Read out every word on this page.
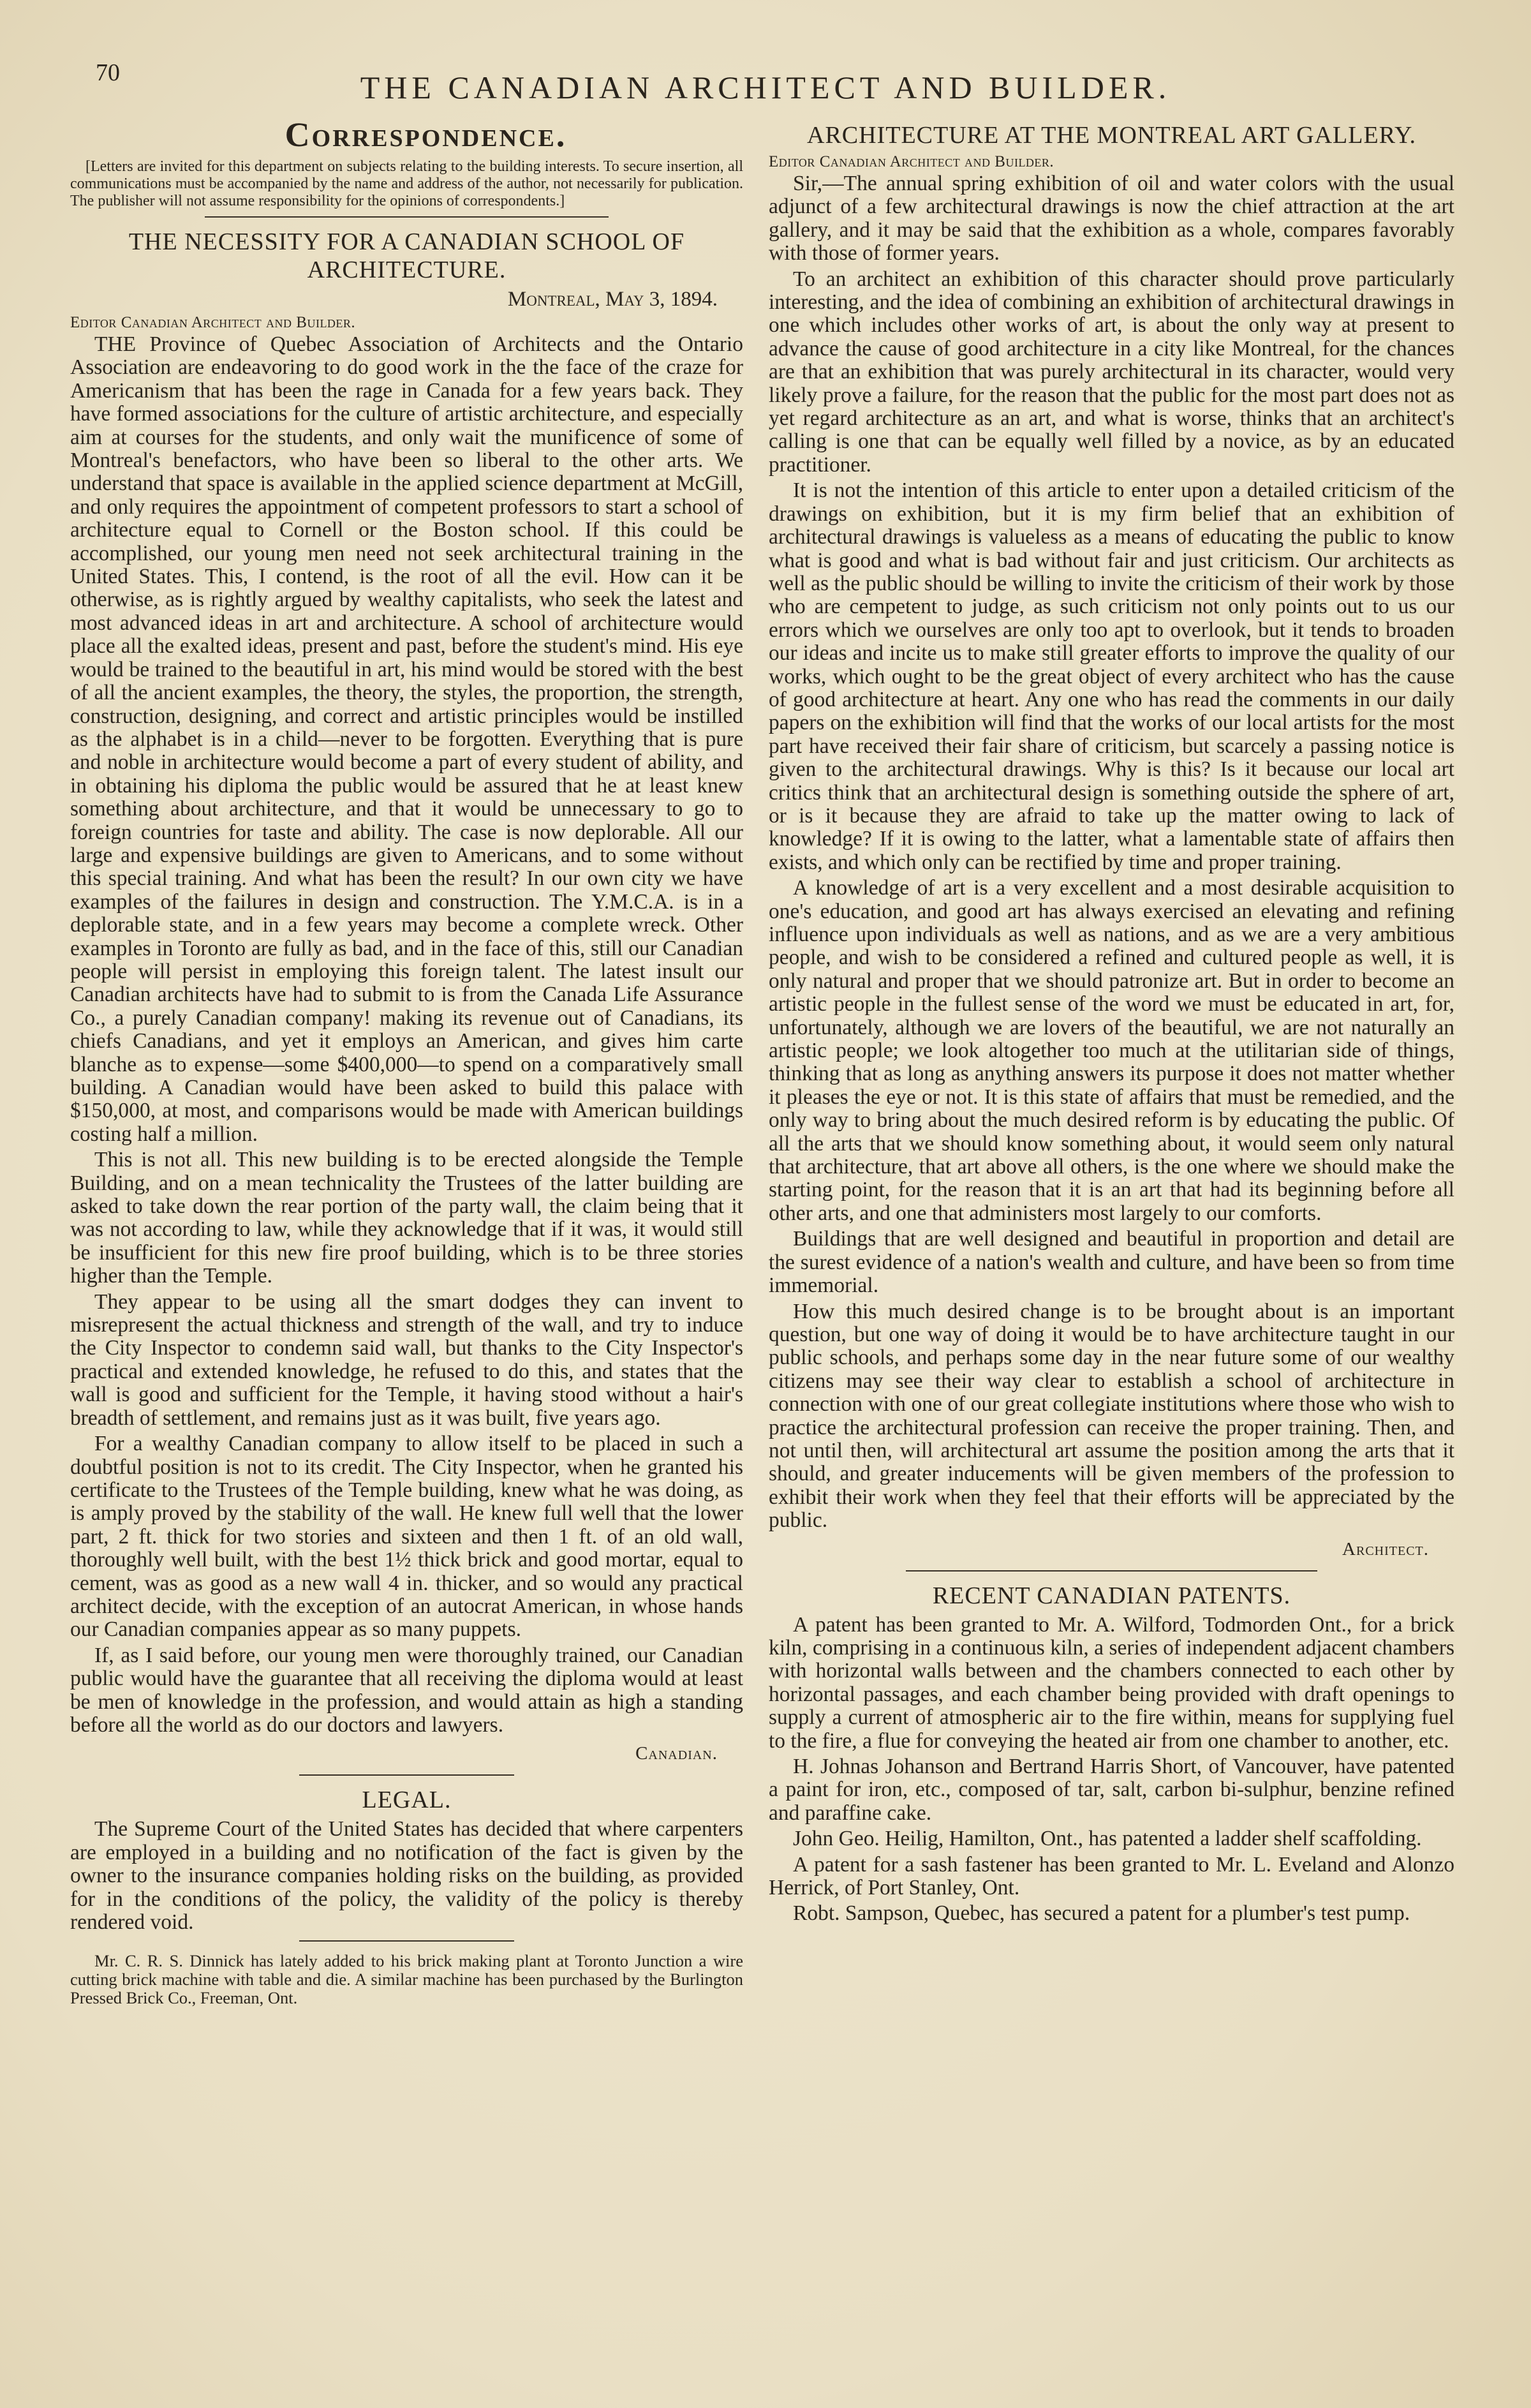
70	THE CANADIAN ARCHITECT AND BUILDER.
Correspondence.

[Letters are invited for this department on subjects relating to the building interests. To secure insertion, all communications must be accompanied by the name and address of the author, not necessarily for publication. The publisher will not assume responsibility for the opinions of correspondents.]

THE NECESSITY FOR A CANADIAN SCHOOL OF ARCHITECTURE.
Montreal, May 3, 1894.
Editor Canadian Architect and Builder.

THE Province of Quebec Association of Architects and the Ontario Association are endeavoring to do good work in the the face of the craze for Americanism that has been the rage in Canada for a few years back. They have formed associations for the culture of artistic architecture, and especially aim at courses for the students, and only wait the munificence of some of Montreal's benefactors, who have been so liberal to the other arts. We understand that space is available in the applied science department at McGill, and only requires the appointment of competent professors to start a school of architecture equal to Cornell or the Boston school. If this could be accomplished, our young men need not seek architectural training in the United States. This, I contend, is the root of all the evil. How can it be otherwise, as is rightly argued by wealthy capitalists, who seek the latest and most advanced ideas in art and architecture. A school of architecture would place all the exalted ideas, present and past, before the student's mind. His eye would be trained to the beautiful in art, his mind would be stored with the best of all the ancient examples, the theory, the styles, the proportion, the strength, construction, designing, and correct and artistic principles would be instilled as the alphabet is in a child—never to be forgotten. Everything that is pure and noble in architecture would become a part of every student of ability, and in obtaining his diploma the public would be assured that he at least knew something about architecture, and that it would be unnecessary to go to foreign countries for taste and ability. The case is now deplorable. All our large and expensive buildings are given to Americans, and to some without this special training. And what has been the result? In our own city we have examples of the failures in design and construction. The Y.M.C.A. is in a deplorable state, and in a few years may become a complete wreck. Other examples in Toronto are fully as bad, and in the face of this, still our Canadian people will persist in employing this foreign talent. The latest insult our Canadian architects have had to submit to is from the Canada Life Assurance Co., a purely Canadian company! making its revenue out of Canadians, its chiefs Canadians, and yet it employs an American, and gives him carte blanche as to expense—some $400,000—to spend on a comparatively small building. A Canadian would have been asked to build this palace with $150,000, at most, and comparisons would be made with American buildings costing half a million.

This is not all. This new building is to be erected alongside the Temple Building, and on a mean technicality the Trustees of the latter building are asked to take down the rear portion of the party wall, the claim being that it was not according to law, while they acknowledge that if it was, it would still be insufficient for this new fire proof building, which is to be three stories higher than the Temple.

They appear to be using all the smart dodges they can invent to misrepresent the actual thickness and strength of the wall, and try to induce the City Inspector to condemn said wall, but thanks to the City Inspector's practical and extended knowledge, he refused to do this, and states that the wall is good and sufficient for the Temple, it having stood without a hair's breadth of settlement, and remains just as it was built, five years ago.

For a wealthy Canadian company to allow itself to be placed in such a doubtful position is not to its credit. The City Inspector, when he granted his certificate to the Trustees of the Temple building, knew what he was doing, as is amply proved by the stability of the wall. He knew full well that the lower part, 2 ft. thick for two stories and sixteen and then 1 ft. of an old wall, thoroughly well built, with the best 1½ thick brick and good mortar, equal to cement, was as good as a new wall 4 in. thicker, and so would any practical architect decide, with the exception of an autocrat American, in whose hands our Canadian companies appear as so many puppets.

If, as I said before, our young men were thoroughly trained, our Canadian public would have the guarantee that all receiving the diploma would at least be men of knowledge in the profession, and would attain as high a standing before all the world as do our doctors and lawyers.

Canadian.
LEGAL.

The Supreme Court of the United States has decided that where carpenters are employed in a building and no notification of the fact is given by the owner to the insurance companies holding risks on the building, as provided for in the conditions of the policy, the validity of the policy is thereby rendered void.

Mr. C. R. S. Dinnick has lately added to his brick making plant at Toronto Junction a wire cutting brick machine with table and die. A similar machine has been purchased by the Burlington Pressed Brick Co., Freeman, Ont.

ARCHITECTURE AT THE MONTREAL ART GALLERY.
Editor Canadian Architect and Builder.

Sir,—The annual spring exhibition of oil and water colors with the usual adjunct of a few architectural drawings is now the chief attraction at the art gallery, and it may be said that the exhibition as a whole, compares favorably with those of former years.

To an architect an exhibition of this character should prove particularly interesting, and the idea of combining an exhibition of architectural drawings in one which includes other works of art, is about the only way at present to advance the cause of good architecture in a city like Montreal, for the chances are that an exhibition that was purely architectural in its character, would very likely prove a failure, for the reason that the public for the most part does not as yet regard architecture as an art, and what is worse, thinks that an architect's calling is one that can be equally well filled by a novice, as by an educated practitioner.

It is not the intention of this article to enter upon a detailed criticism of the drawings on exhibition, but it is my firm belief that an exhibition of architectural drawings is valueless as a means of educating the public to know what is good and what is bad without fair and just criticism. Our architects as well as the public should be willing to invite the criticism of their work by those who are cempetent to judge, as such criticism not only points out to us our errors which we ourselves are only too apt to overlook, but it tends to broaden our ideas and incite us to make still greater efforts to improve the quality of our works, which ought to be the great object of every architect who has the cause of good architecture at heart. Any one who has read the comments in our daily papers on the exhibition will find that the works of our local artists for the most part have received their fair share of criticism, but scarcely a passing notice is given to the architectural drawings. Why is this? Is it because our local art critics think that an architectural design is something outside the sphere of art, or is it because they are afraid to take up the matter owing to lack of knowledge? If it is owing to the latter, what a lamentable state of affairs then exists, and which only can be rectified by time and proper training.

A knowledge of art is a very excellent and a most desirable acquisition to one's education, and good art has always exercised an elevating and refining influence upon individuals as well as nations, and as we are a very ambitious people, and wish to be considered a refined and cultured people as well, it is only natural and proper that we should patronize art. But in order to become an artistic people in the fullest sense of the word we must be educated in art, for, unfortunately, although we are lovers of the beautiful, we are not naturally an artistic people; we look altogether too much at the utilitarian side of things, thinking that as long as anything answers its purpose it does not matter whether it pleases the eye or not. It is this state of affairs that must be remedied, and the only way to bring about the much desired reform is by educating the public. Of all the arts that we should know something about, it would seem only natural that architecture, that art above all others, is the one where we should make the starting point, for the reason that it is an art that had its beginning before all other arts, and one that administers most largely to our comforts.

Buildings that are well designed and beautiful in proportion and detail are the surest evidence of a nation's wealth and culture, and have been so from time immemorial.

How this much desired change is to be brought about is an important question, but one way of doing it would be to have architecture taught in our public schools, and perhaps some day in the near future some of our wealthy citizens may see their way clear to establish a school of architecture in connection with one of our great collegiate institutions where those who wish to practice the architectural profession can receive the proper training. Then, and not until then, will architectural art assume the position among the arts that it should, and greater inducements will be given members of the profession to exhibit their work when they feel that their efforts will be appreciated by the public.

Architect.
RECENT CANADIAN PATENTS.

A patent has been granted to Mr. A. Wilford, Todmorden Ont., for a brick kiln, comprising in a continuous kiln, a series of independent adjacent chambers with horizontal walls between and the chambers connected to each other by horizontal passages, and each chamber being provided with draft openings to supply a current of atmospheric air to the fire within, means for supplying fuel to the fire, a flue for conveying the heated air from one chamber to another, etc.

H. Johnas Johanson and Bertrand Harris Short, of Vancouver, have patented a paint for iron, etc., composed of tar, salt, carbon bi-sulphur, benzine refined and paraffine cake.

John Geo. Heilig, Hamilton, Ont., has patented a ladder shelf scaffolding.

A patent for a sash fastener has been granted to Mr. L. Eveland and Alonzo Herrick, of Port Stanley, Ont.

Robt. Sampson, Quebec, has secured a patent for a plumber's test pump.
